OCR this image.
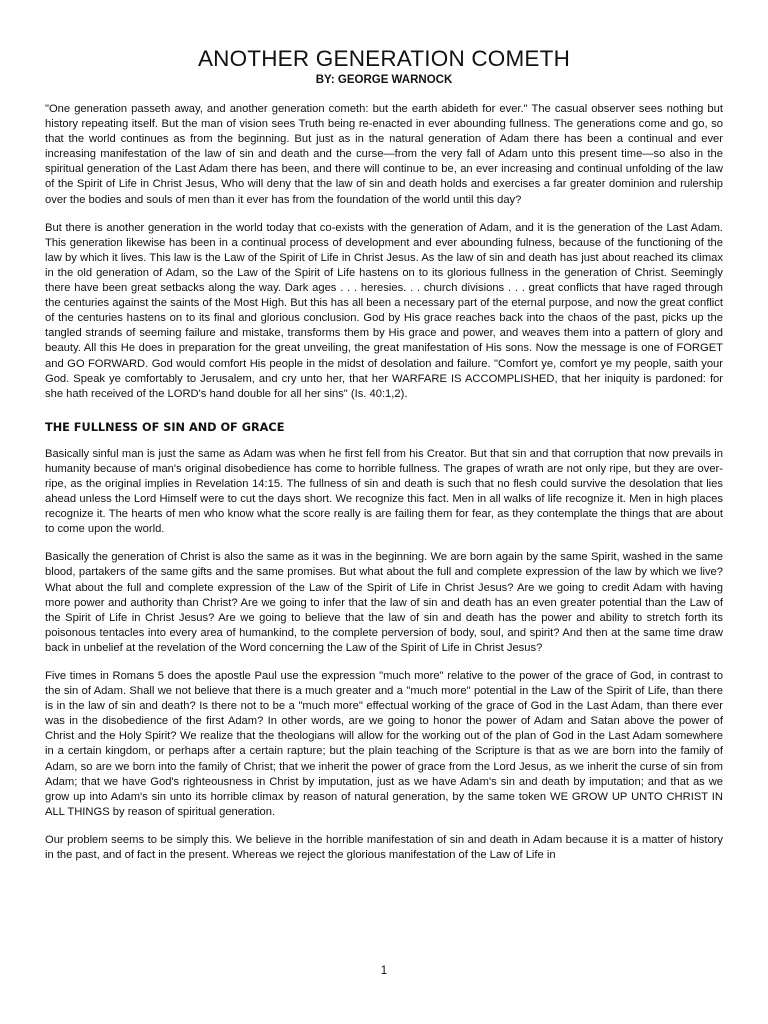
ANOTHER GENERATION COMETH
BY: GEORGE WARNOCK

"One generation passeth away, and another generation cometh: but the earth abideth for ever." The casual observer sees nothing but history repeating itself. But the man of vision sees Truth being re-enacted in ever abounding fullness. The generations come and go, so that the world continues as from the beginning. But just as in the natural generation of Adam there has been a continual and ever increasing manifestation of the law of sin and death and the curse—from the very fall of Adam unto this present time—so also in the spiritual generation of the Last Adam there has been, and there will continue to be, an ever increasing and continual unfolding of the law of the Spirit of Life in Christ Jesus, Who will deny that the law of sin and death holds and exercises a far greater dominion and rulership over the bodies and souls of men than it ever has from the foundation of the world until this day?

But there is another generation in the world today that co-exists with the generation of Adam, and it is the generation of the Last Adam. This generation likewise has been in a continual process of development and ever abounding fulness, because of the functioning of the law by which it lives. This law is the Law of the Spirit of Life in Christ Jesus. As the law of sin and death has just about reached its climax in the old generation of Adam, so the Law of the Spirit of Life hastens on to its glorious fullness in the generation of Christ. Seemingly there have been great setbacks along the way. Dark ages . . . heresies. . . church divisions . . . great conflicts that have raged through the centuries against the saints of the Most High. But this has all been a necessary part of the eternal purpose, and now the great conflict of the centuries hastens on to its final and glorious conclusion. God by His grace reaches back into the chaos of the past, picks up the tangled strands of seeming failure and mistake, transforms them by His grace and power, and weaves them into a pattern of glory and beauty. All this He does in preparation for the great unveiling, the great manifestation of His sons. Now the message is one of FORGET and GO FORWARD. God would comfort His people in the midst of desolation and failure. "Comfort ye, comfort ye my people, saith your God. Speak ye comfortably to Jerusalem, and cry unto her, that her WARFARE IS ACCOMPLISHED, that her iniquity is pardoned: for she hath received of the LORD's hand double for all her sins" (Is. 40:1,2).

THE FULLNESS OF SIN AND OF GRACE

Basically sinful man is just the same as Adam was when he first fell from his Creator. But that sin and that corruption that now prevails in humanity because of man's original disobedience has come to horrible fullness. The grapes of wrath are not only ripe, but they are over-ripe, as the original implies in Revelation 14:15. The fullness of sin and death is such that no flesh could survive the desolation that lies ahead unless the Lord Himself were to cut the days short. We recognize this fact. Men in all walks of life recognize it. Men in high places recognize it. The hearts of men who know what the score really is are failing them for fear, as they contemplate the things that are about to come upon the world.

Basically the generation of Christ is also the same as it was in the beginning. We are born again by the same Spirit, washed in the same blood, partakers of the same gifts and the same promises. But what about the full and complete expression of the law by which we live? What about the full and complete expression of the Law of the Spirit of Life in Christ Jesus? Are we going to credit Adam with having more power and authority than Christ? Are we going to infer that the law of sin and death has an even greater potential than the Law of the Spirit of Life in Christ Jesus? Are we going to believe that the law of sin and death has the power and ability to stretch forth its poisonous tentacles into every area of humankind, to the complete perversion of body, soul, and spirit? And then at the same time draw back in unbelief at the revelation of the Word concerning the Law of the Spirit of Life in Christ Jesus?

Five times in Romans 5 does the apostle Paul use the expression "much more" relative to the power of the grace of God, in contrast to the sin of Adam. Shall we not believe that there is a much greater and a "much more" potential in the Law of the Spirit of Life, than there is in the law of sin and death? Is there not to be a "much more" effectual working of the grace of God in the Last Adam, than there ever was in the disobedience of the first Adam? In other words, are we going to honor the power of Adam and Satan above the power of Christ and the Holy Spirit? We realize that the theologians will allow for the working out of the plan of God in the Last Adam somewhere in a certain kingdom, or perhaps after a certain rapture; but the plain teaching of the Scripture is that as we are born into the family of Adam, so are we born into the family of Christ; that we inherit the power of grace from the Lord Jesus, as we inherit the curse of sin from Adam; that we have God's righteousness in Christ by imputation, just as we have Adam's sin and death by imputation; and that as we grow up into Adam's sin unto its horrible climax by reason of natural generation, by the same token WE GROW UP UNTO CHRIST IN ALL THINGS by reason of spiritual generation.

Our problem seems to be simply this. We believe in the horrible manifestation of sin and death in Adam because it is a matter of history in the past, and of fact in the present. Whereas we reject the glorious manifestation of the Law of Life in

1
